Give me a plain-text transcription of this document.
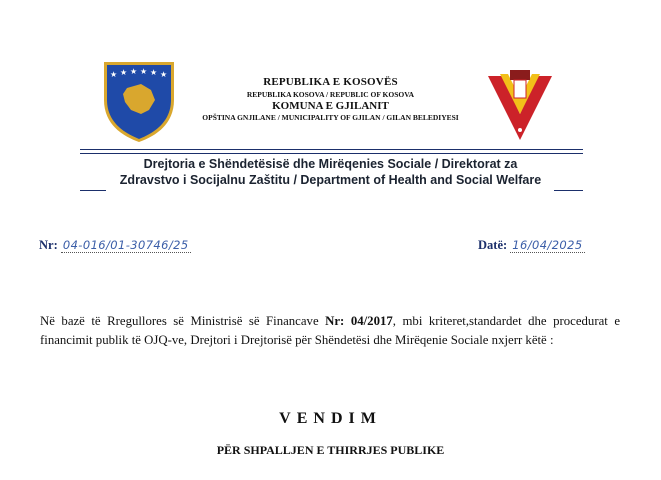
★ ★ ★ ★ ★ ★
REPUBLIKA E KOSOVËS
REPUBLIKA KOSOVA / REPUBLIC OF KOSOVA
KOMUNA E GJILANIT
OPŠTINA GNJILANE / MUNICIPALITY OF GJILAN / GILAN BELEDIYESI
Drejtoria e Shëndetësisë dhe Mirëqenies Sociale / Direktorat za
Zdravstvo i Socijalnu Zaštitu / Department of Health and Social Welfare
Nr: 04-016/01-30746/25	Datë: 16/04/2025
Në bazë të Rregullores së Ministrisë së Financave Nr: 04/2017, mbi kriteret,standardet dhe procedurat e financimit publik të OJQ-ve, Drejtori i Drejtorisë për Shëndetësi dhe Mirëqenie Sociale nxjerr këtë :
VENDIM
PËR SHPALLJEN E THIRRJES PUBLIKE
